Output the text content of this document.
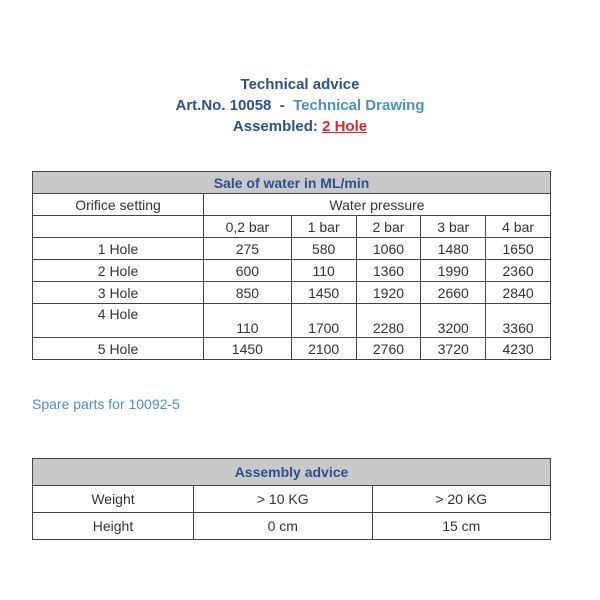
Technical advice
Art.No. 10058 - Technical Drawing
Assembled: 2 Hole
Sale of water in ML/min					
Orifice setting	Water pressure				
	0,2 bar	1 bar	2 bar	3 bar	4 bar
1 Hole	275	580	1060	1480	1650
2 Hole	600	110	1360	1990	2360
3 Hole	850	1450	1920	2660	2840
4 Hole	110	1700	2280	3200	3360
5 Hole	1450	2100	2760	3720	4230
Spare parts for 10092-5
Assembly advice		
Weight	> 10 KG	> 20 KG
Height	0 cm	15 cm
